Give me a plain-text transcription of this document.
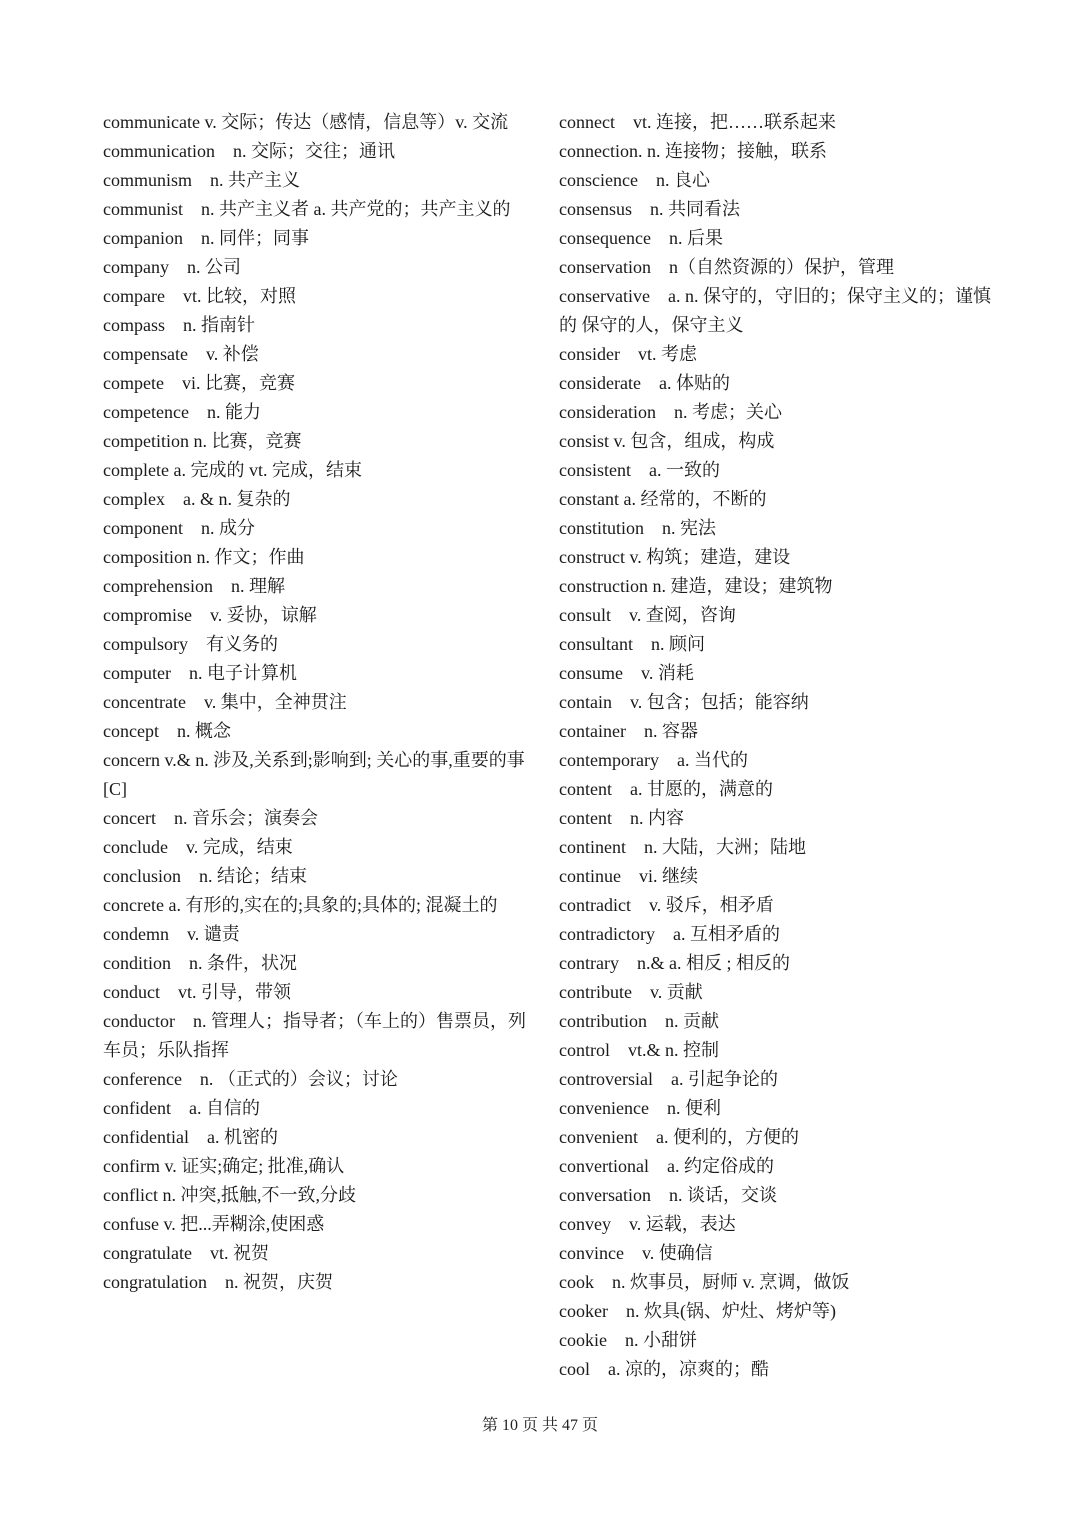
communicate v. 交际；传达（感情，信息等）v. 交流
communication　n. 交际；交往；通讯
communism　n. 共产主义
communist　n. 共产主义者 a. 共产党的；共产主义的
companion　n. 同伴；同事
company　n. 公司
compare　vt. 比较，对照
compass　n. 指南针
compensate　v. 补偿
compete　vi. 比赛，竞赛
competence　n. 能力
competition n. 比赛，竞赛
complete a. 完成的 vt. 完成，结束
complex　a. & n. 复杂的
component　n. 成分
composition n. 作文；作曲
comprehension　n. 理解
compromise　v. 妥协，谅解
compulsory　有义务的
computer　n. 电子计算机
concentrate　v. 集中，全神贯注
concept　n. 概念
concern v.& n. 涉及,关系到;影响到; 关心的事,重要的事[C]
concert　n. 音乐会；演奏会
conclude　v. 完成，结束
conclusion　n. 结论；结束
concrete a. 有形的,实在的;具象的;具体的; 混凝土的
condemn　v. 谴责
condition　n. 条件，状况
conduct　vt. 引导，带领
conductor　n. 管理人；指导者；（车上的）售票员，列车员；乐队指挥
conference　n. （正式的）会议；讨论
confident　a. 自信的
confidential　a. 机密的
confirm v. 证实;确定; 批准,确认
conflict n. 冲突,抵触,不一致,分歧
confuse v. 把...弄糊涂,使困惑
congratulate　vt. 祝贺
congratulation　n. 祝贺，庆贺
connect　vt. 连接，把……联系起来
connection. n. 连接物；接触，联系
conscience　n. 良心
consensus　n. 共同看法
consequence　n. 后果
conservation　n（自然资源的）保护，管理
conservative　a. n. 保守的，守旧的；保守主义的；谨慎的 保守的人，保守主义
consider　vt. 考虑
considerate　a. 体贴的
consideration　n. 考虑；关心
consist v. 包含，组成，构成
consistent　a. 一致的
constant a. 经常的，不断的
constitution　n. 宪法
construct v. 构筑；建造，建设
construction n. 建造，建设；建筑物
consult　v. 查阅，咨询
consultant　n. 顾问
consume　v. 消耗
contain　v. 包含；包括；能容纳
container　n. 容器
contemporary　a. 当代的
content　a. 甘愿的，满意的
content　n. 内容
continent　n. 大陆，大洲；陆地
continue　vi. 继续
contradict　v. 驳斥，相矛盾
contradictory　a. 互相矛盾的
contrary　n.& a. 相反 ; 相反的
contribute　v. 贡献
contribution　n. 贡献
control　vt.& n. 控制
controversial　a. 引起争论的
convenience　n. 便利
convenient　a. 便利的，方便的
convertional　a. 约定俗成的
conversation　n. 谈话，交谈
convey　v. 运载，表达
convince　v. 使确信
cook　n. 炊事员，厨师 v. 烹调，做饭
cooker　n. 炊具(锅、炉灶、烤炉等)
cookie　n. 小甜饼
cool　a. 凉的，凉爽的；酷
第 10 页 共 47 页
